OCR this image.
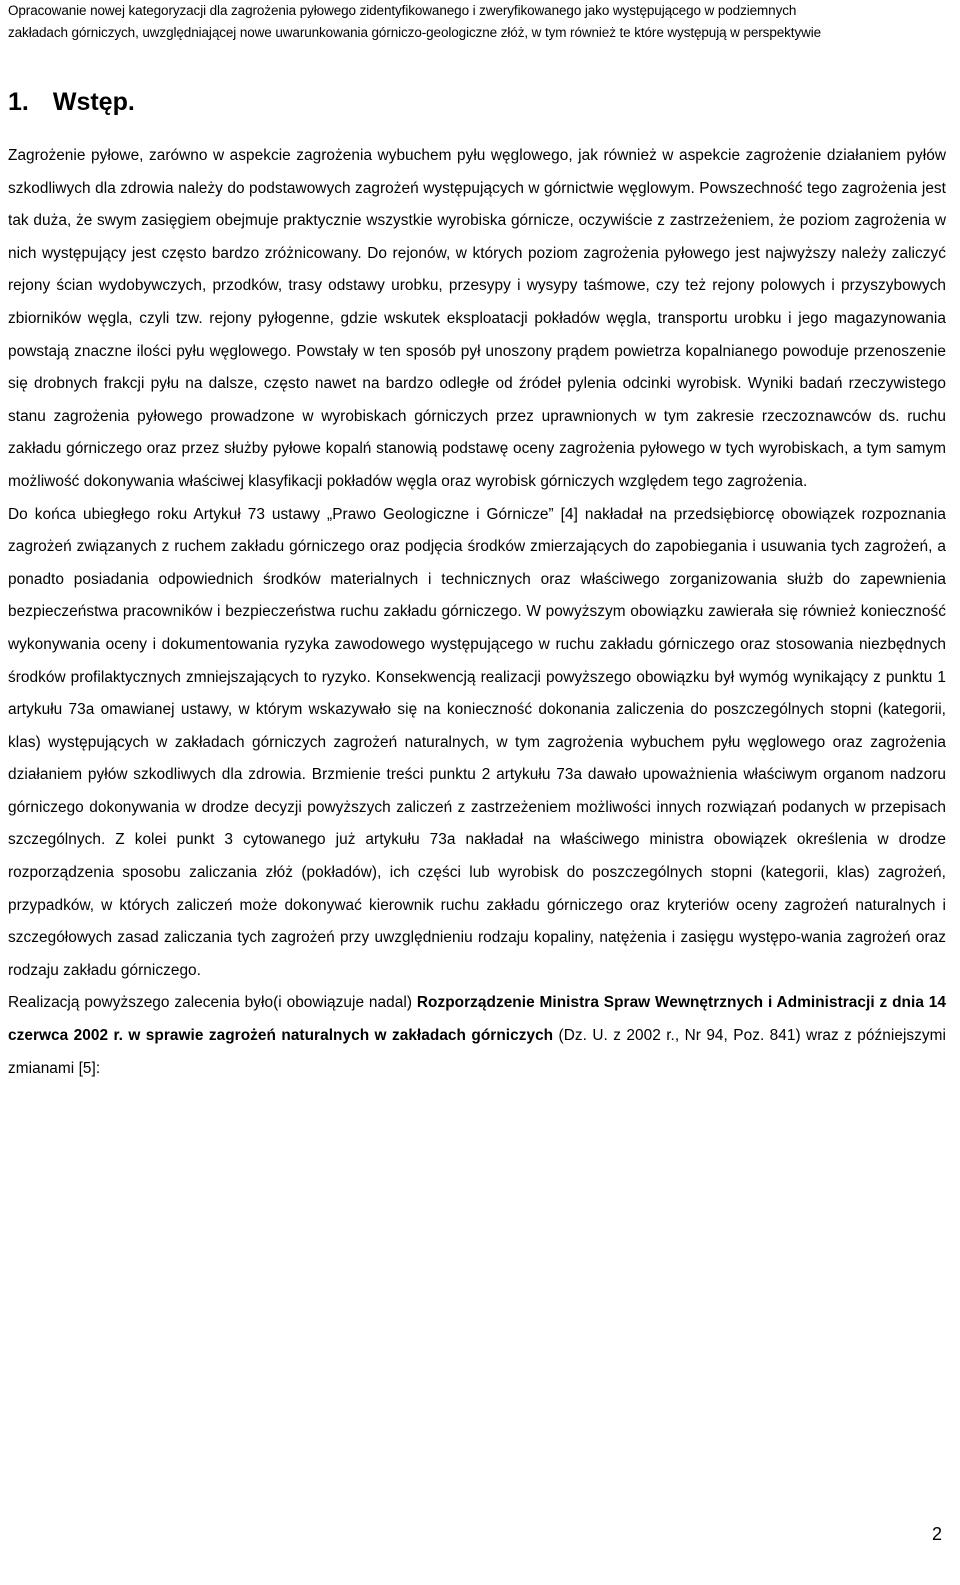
Opracowanie nowej kategoryzacji dla zagrożenia pyłowego zidentyfikowanego i zweryfikowanego jako występującego w podziemnych
zakładach górniczych, uwzględniającej nowe uwarunkowania górniczo-geologiczne złóż, w tym również te które występują w perspektywie
1. Wstęp.

Zagrożenie pyłowe, zarówno w aspekcie zagrożenia wybuchem pyłu węglowego, jak również w aspekcie zagrożenie działaniem pyłów szkodliwych dla zdrowia należy do podstawowych zagrożeń występujących w górnictwie węglowym. Powszechność tego zagrożenia jest tak duża, że swym zasięgiem obejmuje praktycznie wszystkie wyrobiska górnicze, oczywiście z zastrzeżeniem, że poziom zagrożenia w nich występujący jest często bardzo zróżnicowany. Do rejonów, w których poziom zagrożenia pyłowego jest najwyższy należy zaliczyć rejony ścian wydobywczych, przodków, trasy odstawy urobku, przesypy i wysypy taśmowe, czy też rejony polowych i przyszybowych zbiorników węgla, czyli tzw. rejony pyłogenne, gdzie wskutek eksploatacji pokładów węgla, transportu urobku i jego magazynowania powstają znaczne ilości pyłu węglowego. Powstały w ten sposób pył unoszony prądem powietrza kopalnianego powoduje przenoszenie się drobnych frakcji pyłu na dalsze, często nawet na bardzo odległe od źródeł pylenia odcinki wyrobisk. Wyniki badań rzeczywistego stanu zagrożenia pyłowego prowadzone w wyrobiskach górniczych przez uprawnionych w tym zakresie rzeczoznawców ds. ruchu zakładu górniczego oraz przez służby pyłowe kopalń stanowią podstawę oceny zagrożenia pyłowego w tych wyrobiskach, a tym samym możliwość dokonywania właściwej klasyfikacji pokładów węgla oraz wyrobisk górniczych względem tego zagrożenia.

Do końca ubiegłego roku Artykuł 73 ustawy „Prawo Geologiczne i Górnicze” [4] nakładał na przedsiębiorcę obowiązek rozpoznania zagrożeń związanych z ruchem zakładu górniczego oraz podjęcia środków zmierzających do zapobiegania i usuwania tych zagrożeń, a ponadto posiadania odpowiednich środków materialnych i technicznych oraz właściwego zorganizowania służb do zapewnienia bezpieczeństwa pracowników i bezpieczeństwa ruchu zakładu górniczego. W powyższym obowiązku zawierała się również konieczność wykonywania oceny i dokumentowania ryzyka zawodowego występującego w ruchu zakładu górniczego oraz stosowania niezbędnych środków profilaktycznych zmniejszających to ryzyko. Konsekwencją realizacji powyższego obowiązku był wymóg wynikający z punktu 1 artykułu 73a omawianej ustawy, w którym wskazywało się na konieczność dokonania zaliczenia do poszczególnych stopni (kategorii, klas) występujących w zakładach górniczych zagrożeń naturalnych, w tym zagrożenia wybuchem pyłu węglowego oraz zagrożenia działaniem pyłów szkodliwych dla zdrowia. Brzmienie treści punktu 2 artykułu 73a dawało upoważnienia właściwym organom nadzoru górniczego dokonywania w drodze decyzji powyższych zaliczeń z zastrzeżeniem możliwości innych rozwiązań podanych w przepisach szczególnych. Z kolei punkt 3 cytowanego już artykułu 73a nakładał na właściwego ministra obowiązek określenia w drodze rozporządzenia sposobu zaliczania złóż (pokładów), ich części lub wyrobisk do poszczególnych stopni (kategorii, klas) zagrożeń, przypadków, w których zaliczeń może dokonywać kierownik ruchu zakładu górniczego oraz kryteriów oceny zagrożeń naturalnych i szczegółowych zasad zaliczania tych zagrożeń przy uwzględnieniu rodzaju kopaliny, natężenia i zasięgu występo-wania zagrożeń oraz rodzaju zakładu górniczego.

Realizacją powyższego zalecenia było(i obowiązuje nadal) Rozporządzenie Ministra Spraw Wewnętrznych i Administracji z dnia 14 czerwca 2002 r. w sprawie zagrożeń naturalnych w zakładach górniczych (Dz. U. z 2002 r., Nr 94, Poz. 841) wraz z późniejszymi zmianami [5]:

2
